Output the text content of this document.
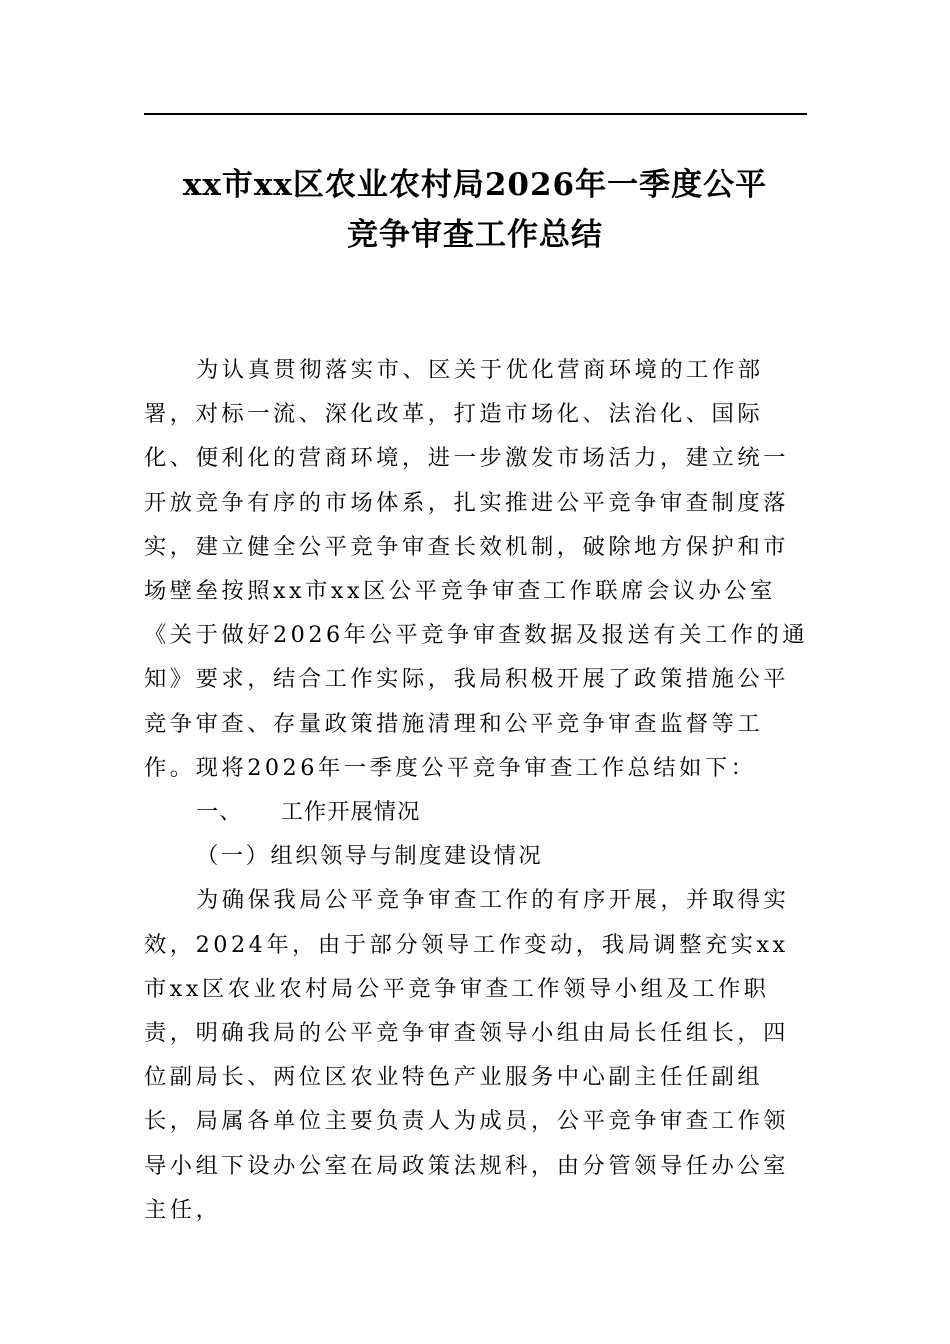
xx市xx区农业农村局2026年一季度公平
竞争审查工作总结

为认真贯彻落实市、区关于优化营商环境的工作部署，对标一流、深化改革，打造市场化、法治化、国际化、便利化的营商环境，进一步激发市场活力，建立统一开放竞争有序的市场体系，扎实推进公平竞争审查制度落实，建立健全公平竞争审查长效机制，破除地方保护和市场壁垒按照xx市xx区公平竞争审查工作联席会议办公室《关于做好2026年公平竞争审查数据及报送有关工作的通知》要求，结合工作实际，我局积极开展了政策措施公平竞争审查、存量政策措施清理和公平竞争审查监督等工作。现将2026年一季度公平竞争审查工作总结如下：

一、 工作开展情况

（一）组织领导与制度建设情况

为确保我局公平竞争审查工作的有序开展，并取得实效，2024年，由于部分领导工作变动，我局调整充实xx市xx区农业农村局公平竞争审查工作领导小组及工作职责，明确我局的公平竞争审查领导小组由局长任组长，四位副局长、两位区农业特色产业服务中心副主任任副组长，局属各单位主要负责人为成员，公平竞争审查工作领导小组下设办公室在局政策法规科，由分管领导任办公室主任，
